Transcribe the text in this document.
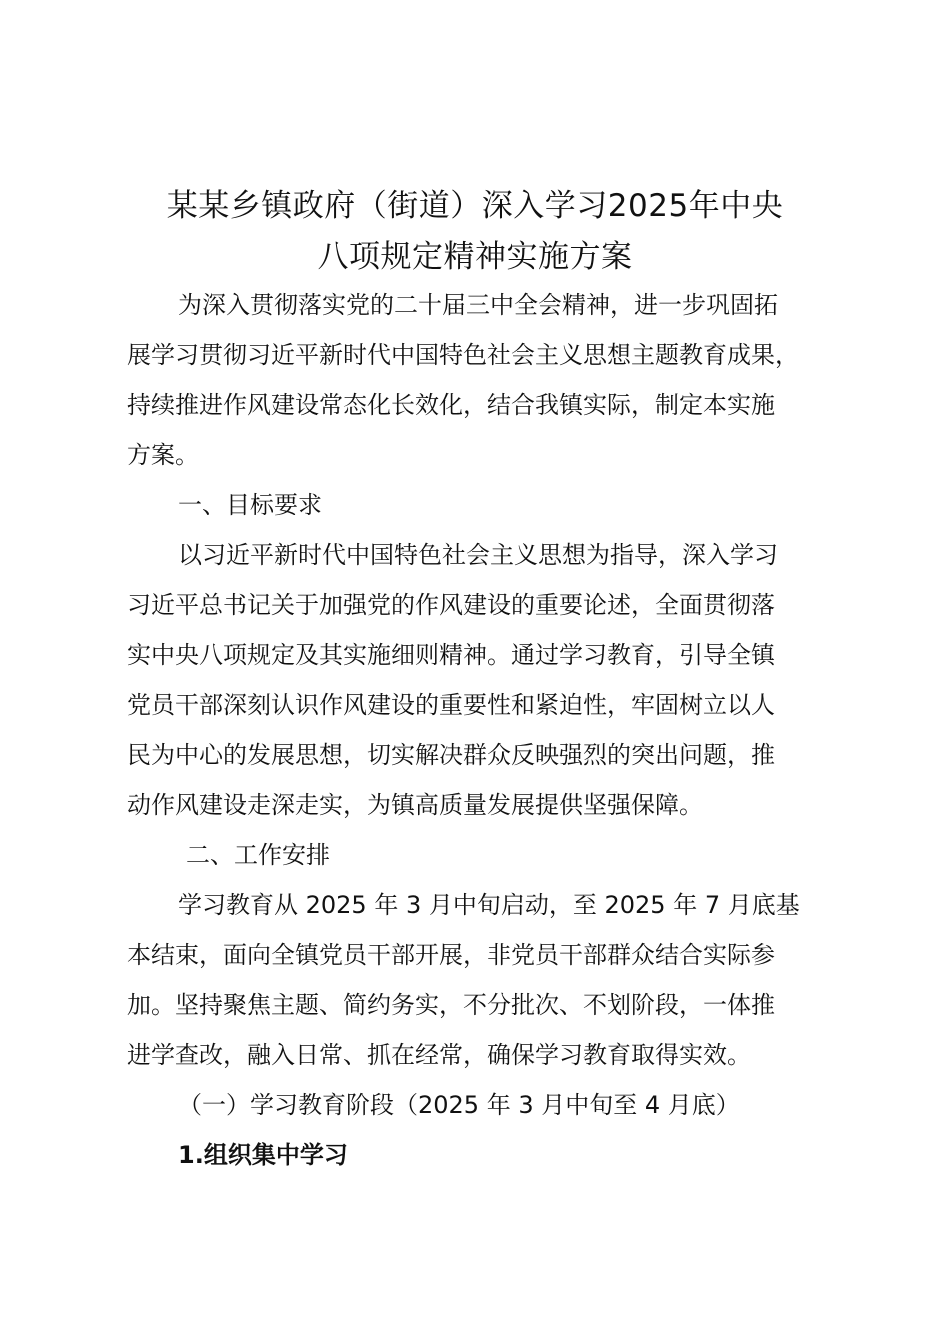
某某乡镇政府（街道）深入学习2025年中央
八项规定精神实施方案
为深入贯彻落实党的二十届三中全会精神，进一步巩固拓
展学习贯彻习近平新时代中国特色社会主义思想主题教育成果，
持续推进作风建设常态化长效化，结合我镇实际，制定本实施
方案。
一、目标要求
以习近平新时代中国特色社会主义思想为指导，深入学习
习近平总书记关于加强党的作风建设的重要论述，全面贯彻落
实中央八项规定及其实施细则精神。通过学习教育，引导全镇
党员干部深刻认识作风建设的重要性和紧迫性，牢固树立以人
民为中心的发展思想，切实解决群众反映强烈的突出问题，推
动作风建设走深走实，为镇高质量发展提供坚强保障。
二、工作安排
学习教育从 2025 年 3 月中旬启动，至 2025 年 7 月底基
本结束，面向全镇党员干部开展，非党员干部群众结合实际参
加。坚持聚焦主题、简约务实，不分批次、不划阶段，一体推
进学查改，融入日常、抓在经常，确保学习教育取得实效。
（一）学习教育阶段（2025 年 3 月中旬至 4 月底）
1.组织集中学习
